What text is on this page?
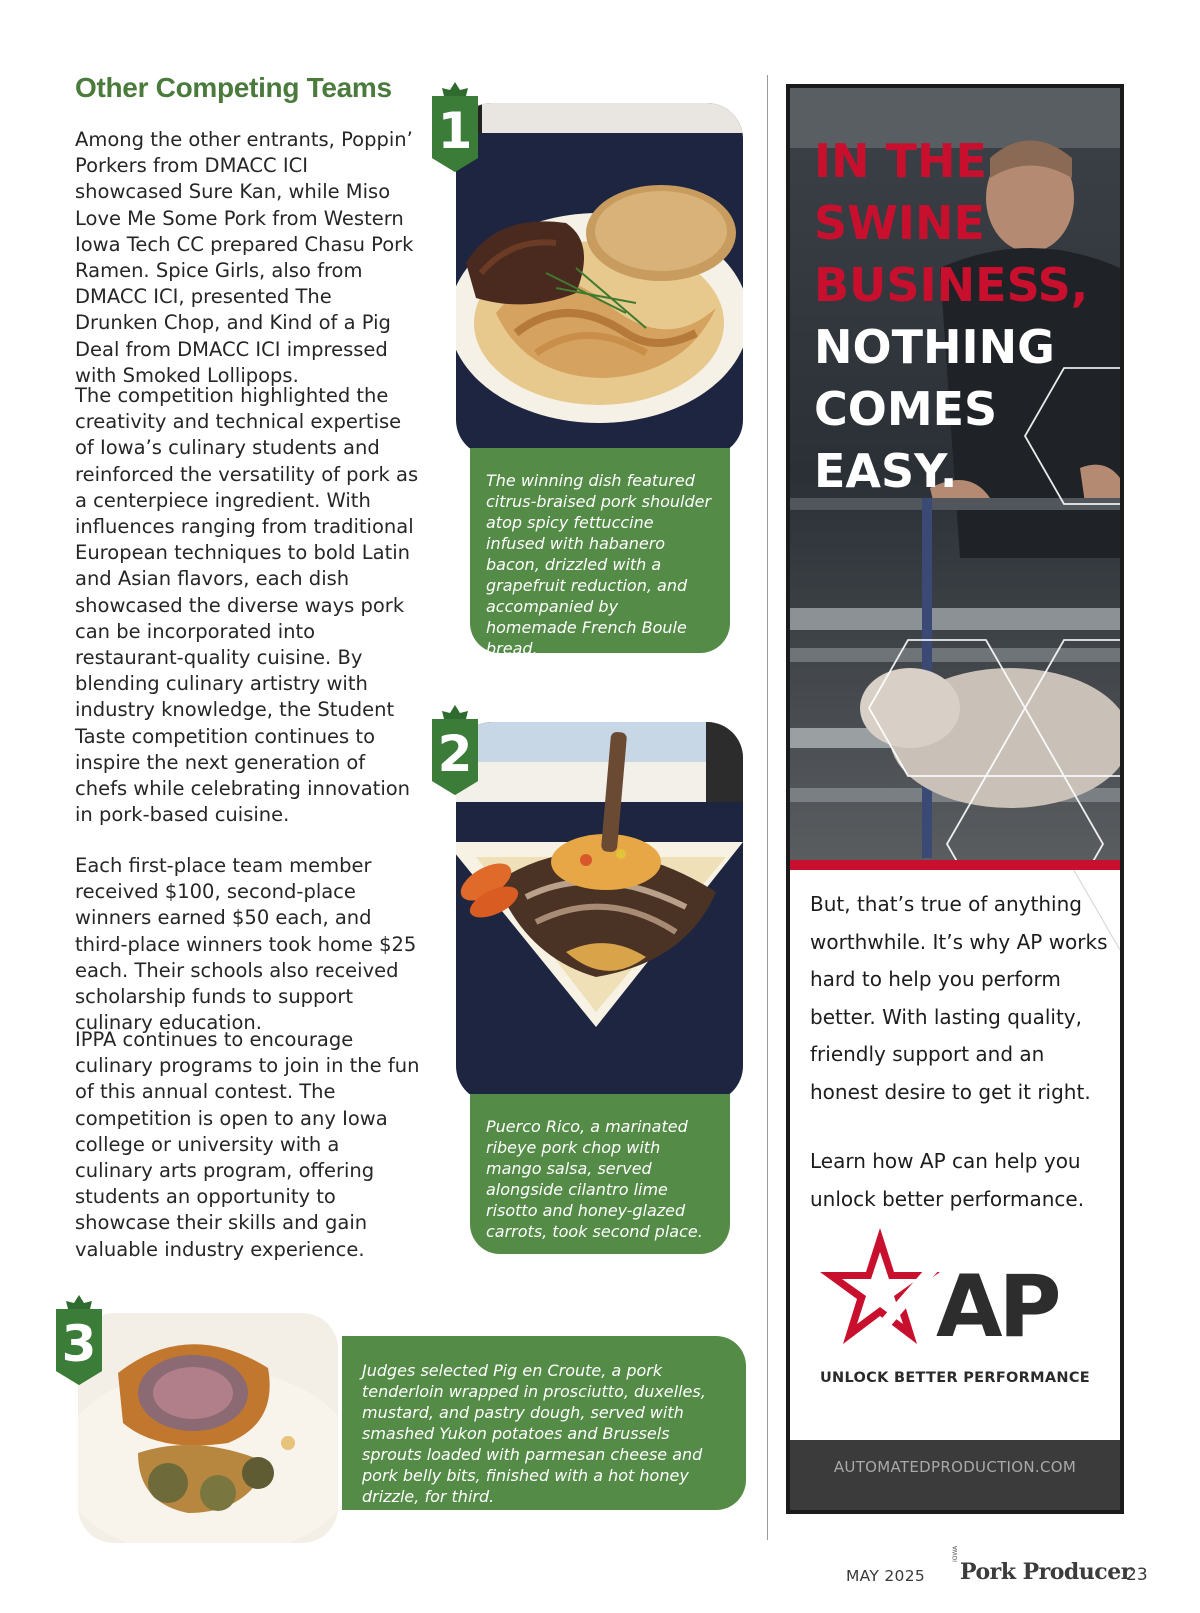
Other Competing Teams

Among the other entrants, Poppin’ Porkers from DMACC ICI showcased Sure Kan, while Miso Love Me Some Pork from Western Iowa Tech CC prepared Chasu Pork Ramen. Spice Girls, also from DMACC ICI, presented The Drunken Chop, and Kind of a Pig Deal from DMACC ICI impressed with Smoked Lollipops.

The competition highlighted the creativity and technical expertise of Iowa’s culinary students and reinforced the versatility of pork as a centerpiece ingredient. With influences ranging from traditional European techniques to bold Latin and Asian flavors, each dish showcased the diverse ways pork can be incorporated into restaurant-quality cuisine. By blending culinary artistry with industry knowledge, the Student Taste competition continues to inspire the next generation of chefs while celebrating innovation in pork-based cuisine.

Each first-place team member received $100, second-place winners earned $50 each, and third-place winners took home $25 each. Their schools also received scholarship funds to support culinary education.

IPPA continues to encourage culinary programs to join in the fun of this annual contest. The competition is open to any Iowa college or university with a culinary arts program, offering students an opportunity to showcase their skills and gain valuable industry experience.

The winning dish featured citrus-braised pork shoulder atop spicy fettuccine infused with habanero bacon, drizzled with a grapefruit reduction, and accompanied by homemade French Boule bread.

1

Puerco Rico, a marinated ribeye pork chop with mango salsa, served alongside cilantro lime risotto and honey-glazed carrots, took second place.

2

Judges selected Pig en Croute, a pork tenderloin wrapped in prosciutto, duxelles, mustard, and pastry dough, served with smashed Yukon potatoes and Brussels sprouts loaded with parmesan cheese and pork belly bits, finished with a hot honey drizzle, for third.

3

IN THE
SWINE
BUSINESS,

NOTHING
COMES
EASY.

But, that’s true of anything worthwhile. It’s why AP works hard to help you perform better. With lasting quality, friendly support and an honest desire to get it right.

Learn how AP can help you unlock better performance.

AP
UNLOCK BETTER PERFORMANCE
AUTOMATEDPRODUCTION.COM
MAY 2025
IOWA
Pork Producer
23
